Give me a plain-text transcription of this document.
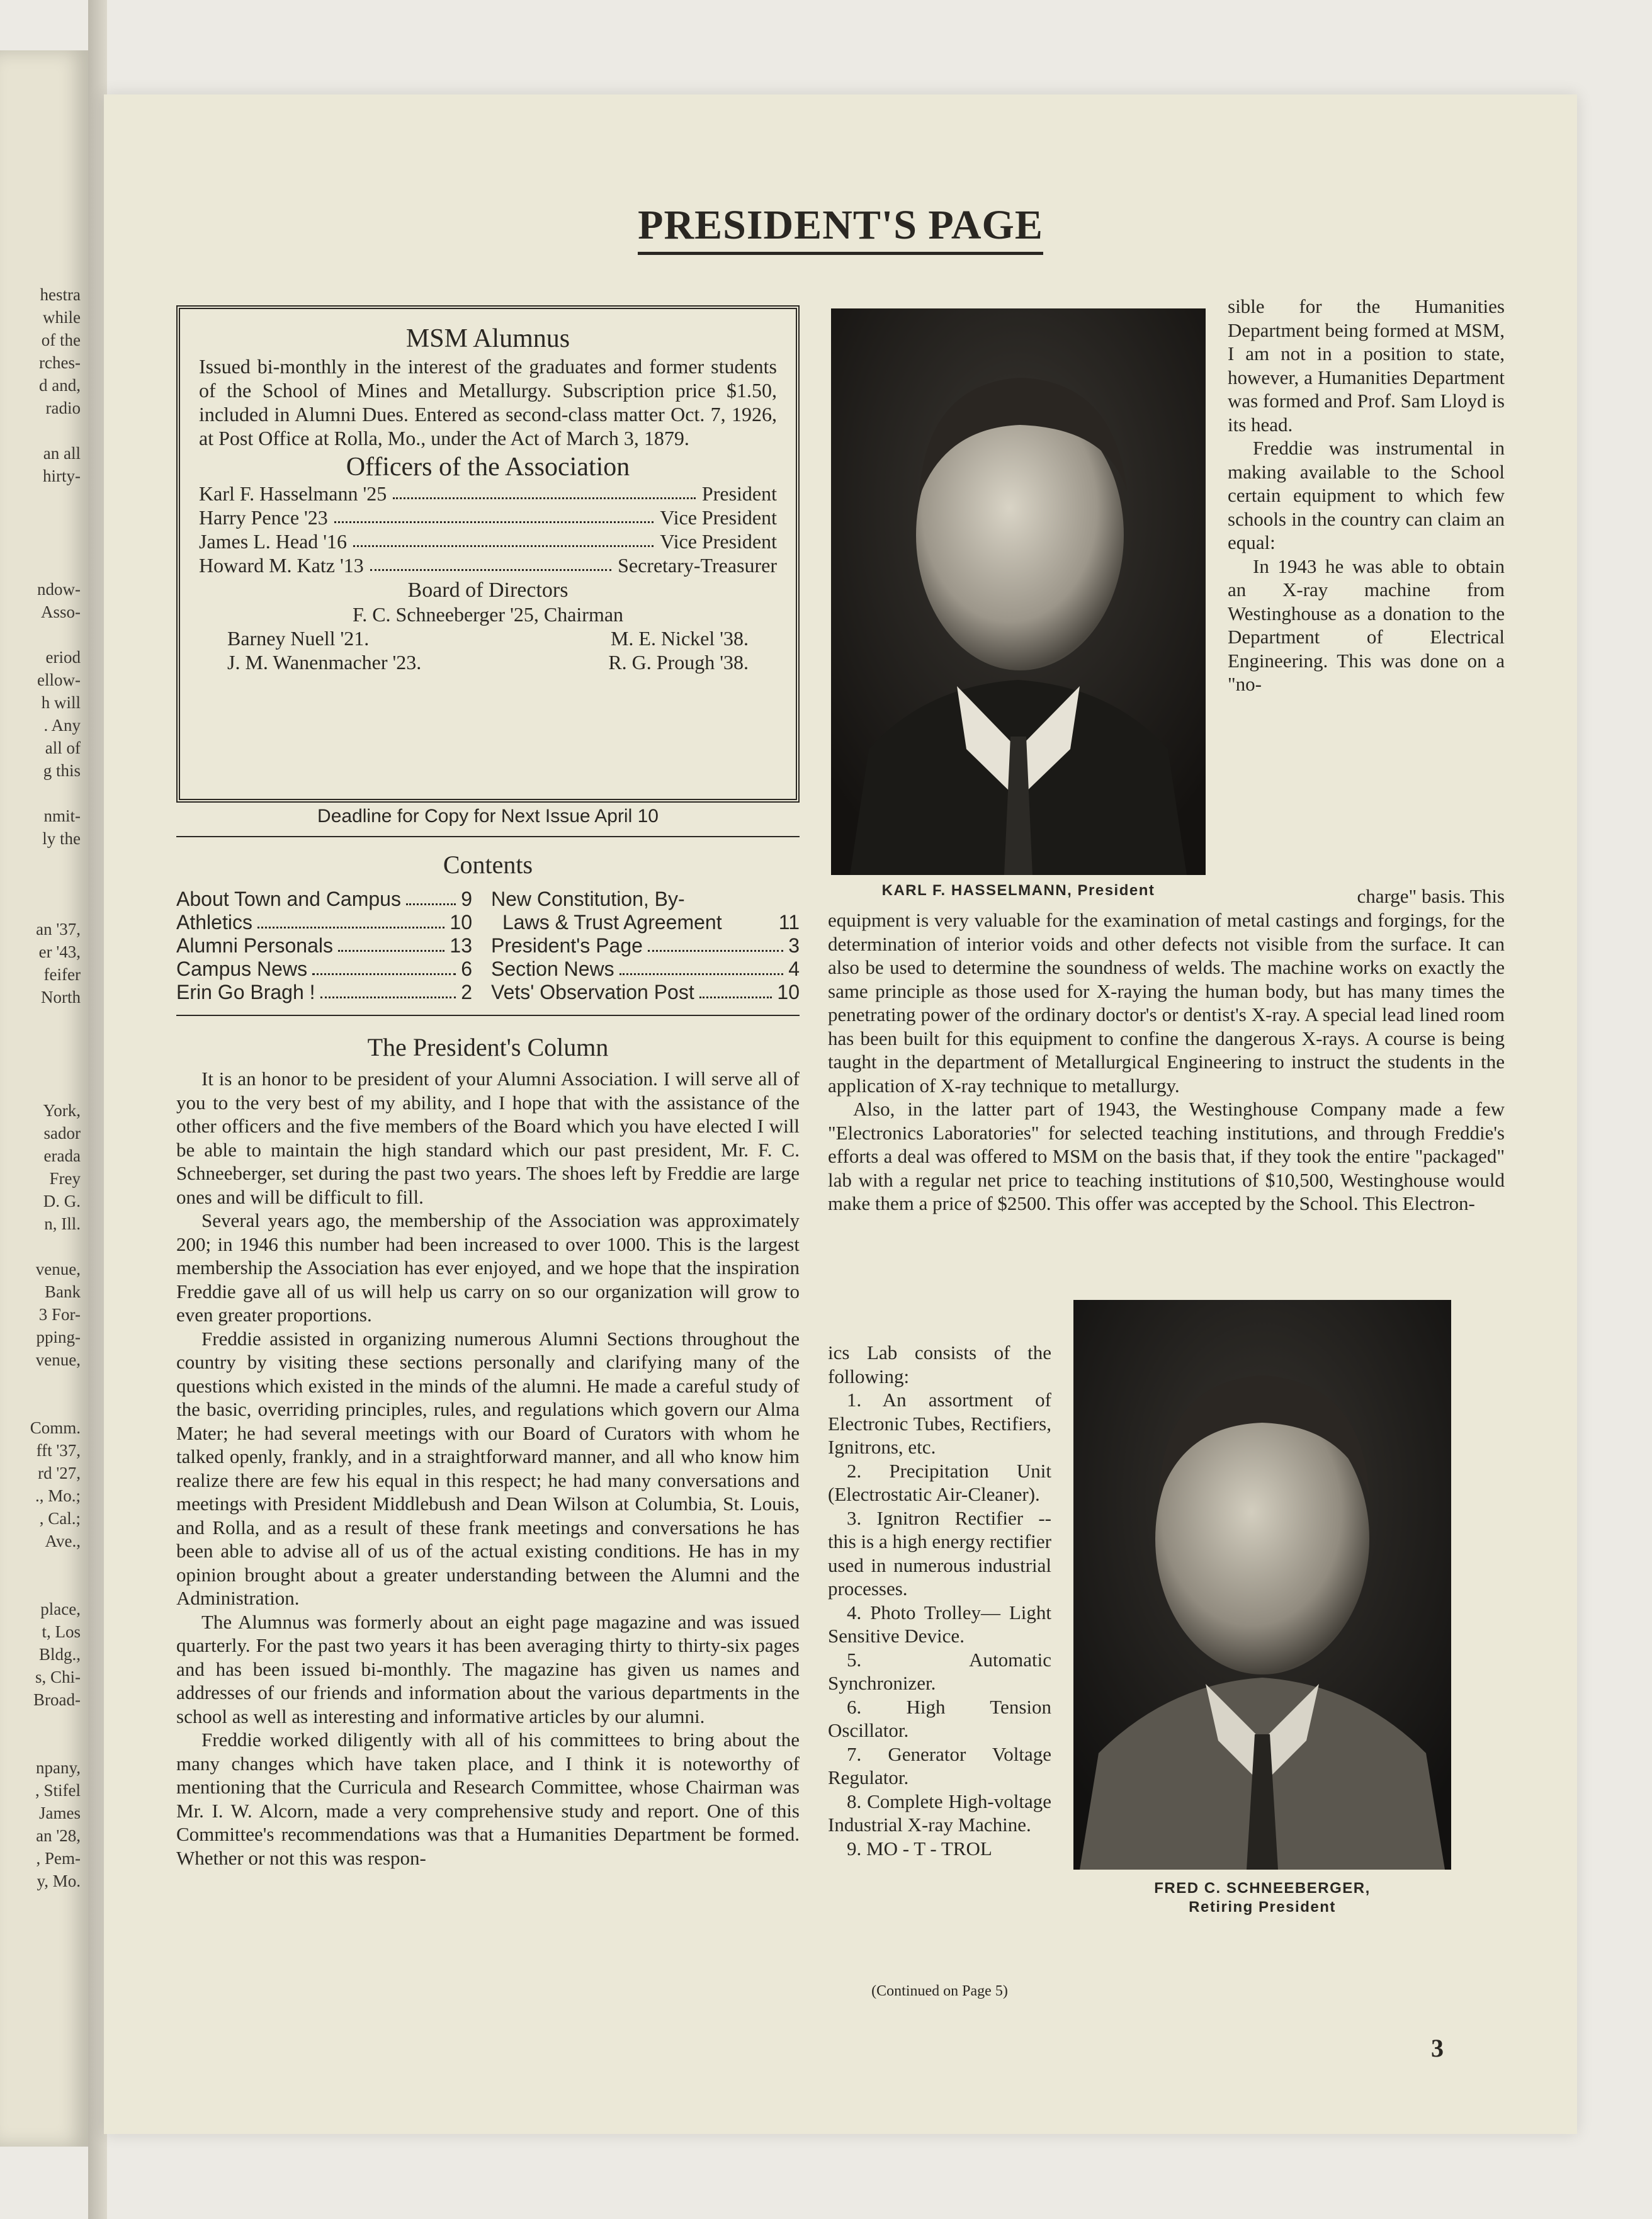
hestra
while
of the
rches-
d and,
radio

an all
hirty-

ndow-
Asso-

eriod
ellow-
h will
. Any
all of
g this

nmit-
ly the

an '37,
er '43,
feifer
North

York,
sador
erada
Frey
D. G.
n, Ill.

venue,
Bank
3 For-
pping-
venue,

Comm.
fft '37,
rd '27,
., Mo.;
, Cal.;
Ave.,

place,
t, Los
Bldg.,
s, Chi-
Broad-

npany,
, Stifel
James
an '28,
, Pem-
y, Mo.
PRESIDENT'S PAGE
MSM Alumnus
Issued bi-monthly in the interest of the graduates and former students of the School of Mines and Metallurgy. Subscription price $1.50, included in Alumni Dues. Entered as second-class matter Oct. 7, 1926, at Post Office at Rolla, Mo., under the Act of March 3, 1879.
Officers of the Association
Karl F. Hasselmann '25	President
Harry Pence '23	Vice President
James L. Head '16	Vice President
Howard M. Katz '13	Secretary-Treasurer
Board of Directors
F. C. Schneeberger '25, Chairman
Barney Nuell '21.	M. E. Nickel '38.
J. M. Wanenmacher '23.	R. G. Prough '38.
Deadline for Copy for Next Issue April 10
Contents
About Town and Campus	9
Athletics	10
Alumni Personals	13
Campus News	6
Erin Go Bragh !	2
New Constitution, By-
Laws & Trust Agreement	11
President's Page	3
Section News	4
Vets' Observation Post	10
The President's Column

It is an honor to be president of your Alumni Association. I will serve all of you to the very best of my ability, and I hope that with the assistance of the other officers and the five members of the Board which you have elected I will be able to maintain the high standard which our past president, Mr. F. C. Schneeberger, set during the past two years. The shoes left by Freddie are large ones and will be difficult to fill.

Several years ago, the membership of the Association was approximately 200; in 1946 this number had been increased to over 1000. This is the largest membership the Association has ever enjoyed, and we hope that the inspiration Freddie gave all of us will help us carry on so our organization will grow to even greater proportions.

Freddie assisted in organizing numerous Alumni Sections throughout the country by visiting these sections personally and clarifying many of the questions which existed in the minds of the alumni. He made a careful study of the basic, overriding principles, rules, and regulations which govern our Alma Mater; he had several meetings with our Board of Curators with whom he talked openly, frankly, and in a straightforward manner, and all who know him realize there are few his equal in this respect; he had many conversations and meetings with President Middlebush and Dean Wilson at Columbia, St. Louis, and Rolla, and as a result of these frank meetings and conversations he has been able to advise all of us of the actual existing conditions. He has in my opinion brought about a greater understanding between the Alumni and the Administration.

The Alumnus was formerly about an eight page magazine and was issued quarterly. For the past two years it has been averaging thirty to thirty-six pages and has been issued bi-monthly. The magazine has given us names and addresses of our friends and information about the various departments in the school as well as interesting and informative articles by our alumni.

Freddie worked diligently with all of his committees to bring about the many changes which have taken place, and I think it is noteworthy of mentioning that the Curricula and Research Committee, whose Chairman was Mr. I. W. Alcorn, made a very comprehensive study and report. One of this Committee's recommendations was that a Humanities Department be formed. Whether or not this was respon-

KARL F. HASSELMANN, President

sible for the Humanities Department being formed at MSM, I am not in a position to state, however, a Humanities Department was formed and Prof. Sam Lloyd is its head.

Freddie was instrumental in making available to the School certain equipment to which few schools in the country can claim an equal:

In 1943 he was able to obtain an X-ray machine from Westinghouse as a donation to the Department of Electrical Engineering. This was done on a "no-

charge" basis. This

equipment is very valuable for the examination of metal castings and forgings, for the determination of interior voids and other defects not visible from the surface. It can also be used to determine the soundness of welds. The machine works on exactly the same principle as those used for X-raying the human body, but has many times the penetrating power of the ordinary doctor's or dentist's X-ray. A special lead lined room has been built for this equipment to confine the dangerous X-rays. A course is being taught in the department of Metallurgical Engineering to instruct the students in the application of X-ray technique to metallurgy.

Also, in the latter part of 1943, the Westinghouse Company made a few "Electronics Laboratories" for selected teaching institutions, and through Freddie's efforts a deal was offered to MSM on the basis that, if they took the entire "packaged" lab with a regular net price to teaching institutions of $10,500, Westinghouse would make them a price of $2500. This offer was accepted by the School. This Electron-

ics Lab consists of the following:

1. An assortment of Electronic Tubes, Rectifiers, Ignitrons, etc.

2. Precipitation Unit (Electrostatic Air-Cleaner).

3. Ignitron Rectifier -- this is a high energy rectifier used in numerous industrial processes.

4. Photo Trolley— Light Sensitive Device.

5. Automatic Synchronizer.

6. High Tension Oscillator.

7. Generator Voltage Regulator.

8. Complete High-voltage Industrial X-ray Machine.

9. MO - T - TROL

(Continued on Page 5)
FRED C. SCHNEEBERGER,
Retiring President
3
